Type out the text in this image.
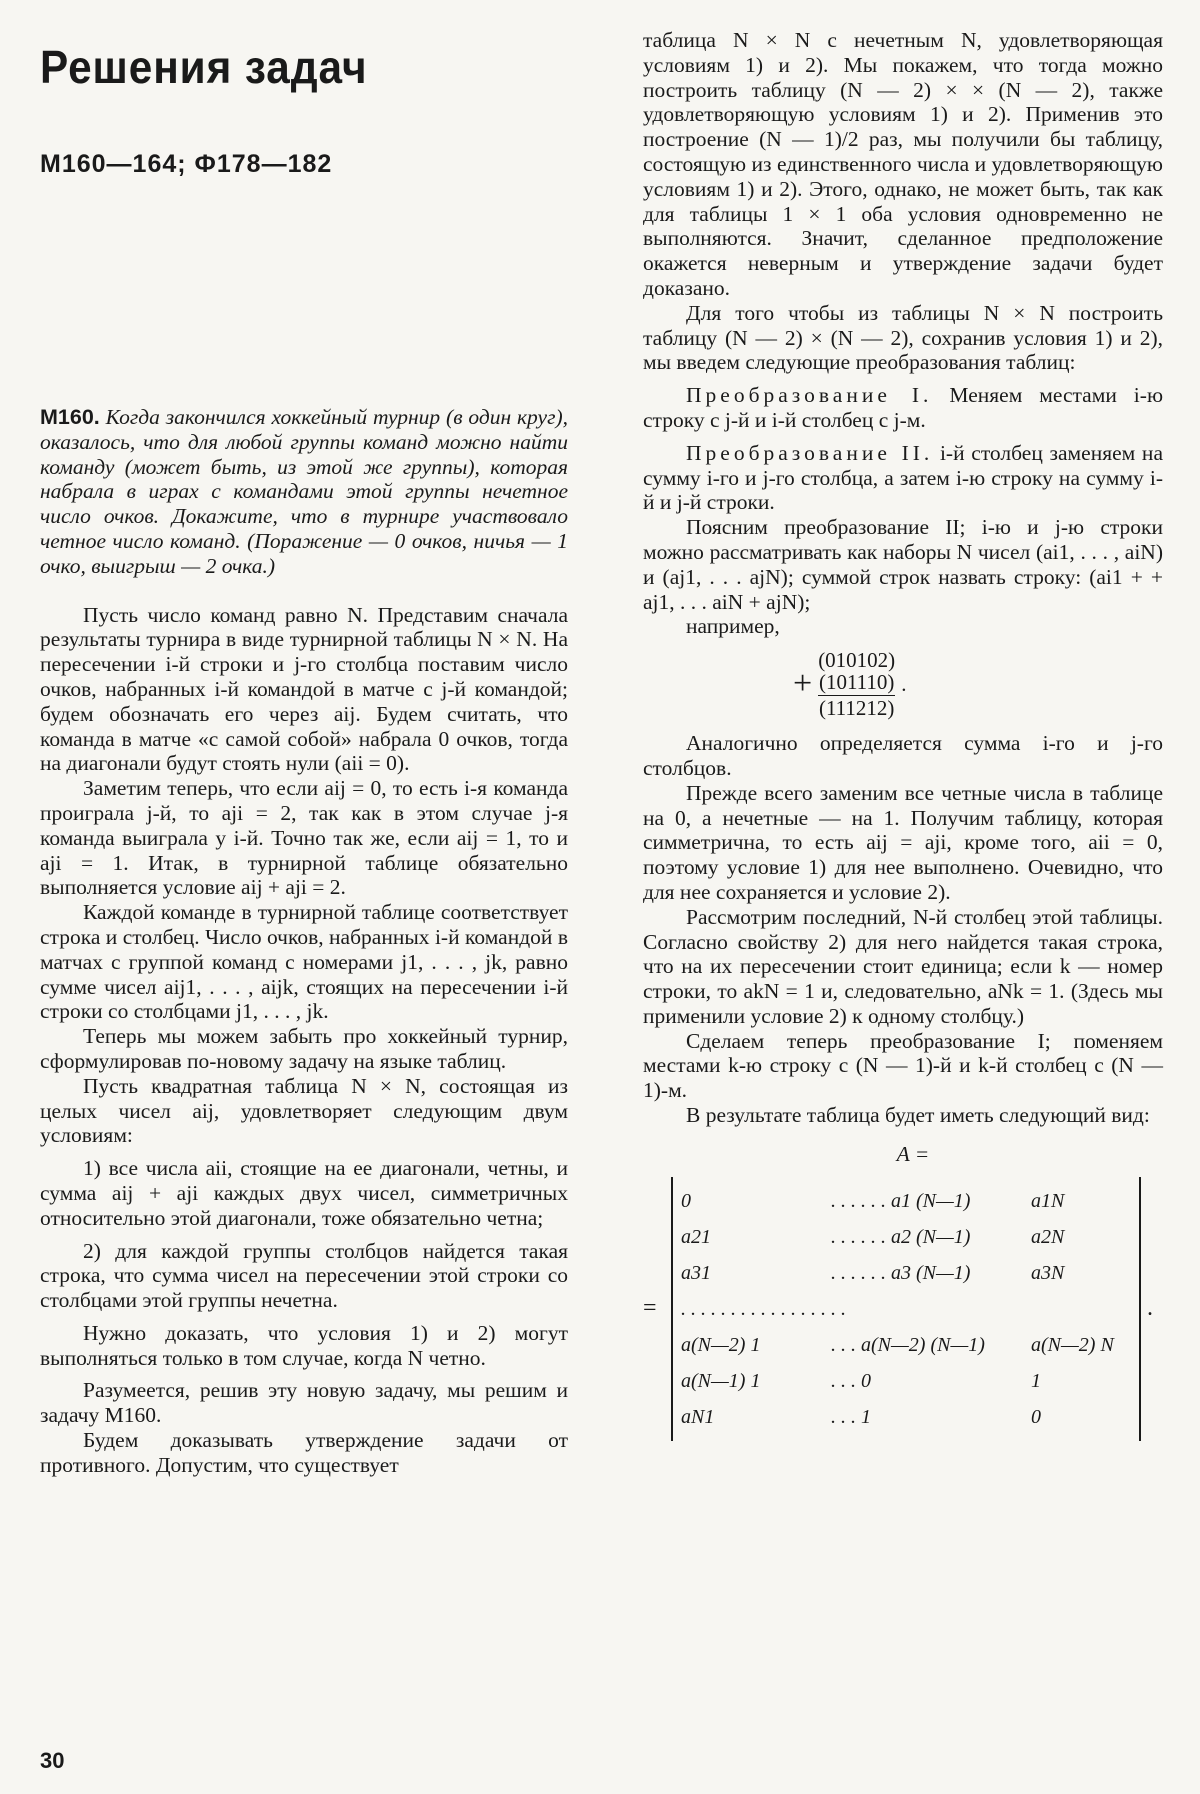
Решения задач
М160—164; Ф178—182

М160. Когда закончился хоккейный турнир (в один круг), оказалось, что для любой группы команд можно найти команду (может быть, из этой же группы), которая набрала в играх с командами этой группы нечетное число очков. Докажите, что в турнире участвовало четное число команд. (Поражение — 0 очков, ничья — 1 очко, выигрыш — 2 очка.)

Пусть число команд равно N. Представим сначала результаты турнира в виде турнирной таблицы N × N. На пересечении i-й строки и j-го столбца поставим число очков, набранных i-й командой в матче с j-й командой; будем обозначать его через aij. Будем считать, что команда в матче «с самой собой» набрала 0 очков, тогда на диагонали будут стоять нули (aii = 0).

Заметим теперь, что если aij = 0, то есть i-я команда проиграла j-й, то aji = 2, так как в этом случае j-я команда выиграла у i-й. Точно так же, если aij = 1, то и aji = 1. Итак, в турнирной таблице обязательно выполняется условие aij + aji = 2.

Каждой команде в турнирной таблице соответствует строка и столбец. Число очков, набранных i-й командой в матчах с группой команд с номерами j1, . . . , jk, равно сумме чисел aij1, . . . , aijk, стоящих на пересечении i-й строки со столбцами j1, . . . , jk.

Теперь мы можем забыть про хоккейный турнир, сформулировав по-новому задачу на языке таблиц.

Пусть квадратная таблица N × N, состоящая из целых чисел aij, удовлетворяет следующим двум условиям:

1) все числа aii, стоящие на ее диагонали, четны, и сумма aij + aji каждых двух чисел, симметричных относительно этой диагонали, тоже обязательно четна;

2) для каждой группы столбцов найдется такая строка, что сумма чисел на пересечении этой строки со столбцами этой группы нечетна.

Нужно доказать, что условия 1) и 2) могут выполняться только в том случае, когда N четно.

Разумеется, решив эту новую задачу, мы решим и задачу М160.

Будем доказывать утверждение задачи от противного. Допустим, что существует

таблица N × N с нечетным N, удовлетворяющая условиям 1) и 2). Мы покажем, что тогда можно построить таблицу (N — 2) × × (N — 2), также удовлетворяющую условиям 1) и 2). Применив это построение (N — 1)/2 раз, мы получили бы таблицу, состоящую из единственного числа и удовлетворяющую условиям 1) и 2). Этого, однако, не может быть, так как для таблицы 1 × 1 оба условия одновременно не выполняются. Значит, сделанное предположение окажется неверным и утверждение задачи будет доказано.

Для того чтобы из таблицы N × N построить таблицу (N — 2) × (N — 2), сохранив условия 1) и 2), мы введем следующие преобразования таблиц:

Преобразование I. Меняем местами i-ю строку с j-й и i-й столбец с j-м.

Преобразование II. i-й столбец заменяем на сумму i-го и j-го столбца, а затем i-ю строку на сумму i-й и j-й строки.

Поясним преобразование II; i-ю и j-ю строки можно рассматривать как наборы N чисел (ai1, . . . , aiN) и (aj1, . . . ajN); суммой строк назвать строку: (ai1 + + aj1, . . . aiN + ajN);

например,

+
(010102)
(101110)
(111212)
.

Аналогично определяется сумма i-го и j-го столбцов.

Прежде всего заменим все четные числа в таблице на 0, а нечетные — на 1. Получим таблицу, которая симметрична, то есть aij = aji, кроме того, aii = 0, поэтому условие 1) для нее выполнено. Очевидно, что для нее сохраняется и условие 2).

Рассмотрим последний, N-й столбец этой таблицы. Согласно свойству 2) для него найдется такая строка, что на их пересечении стоит единица; если k — номер строки, то akN = 1 и, следовательно, aNk = 1. (Здесь мы применили условие 2) к одному столбцу.)

Сделаем теперь преобразование I; поменяем местами k-ю строку с (N — 1)-й и k-й столбец с (N — 1)-м.

В результате таблица будет иметь следующий вид:

A =
=
0	. . . . . . a1 (N—1)	a1N
a21	. . . . . . a2 (N—1)	a2N
a31	. . . . . . a3 (N—1)	a3N
. . . . . . . . . . . . . . . . .
a(N—2) 1	. . . a(N—2) (N—1)	a(N—2) N
a(N—1) 1	. . . 0	1
aN1	. . . 1	0
.
30
